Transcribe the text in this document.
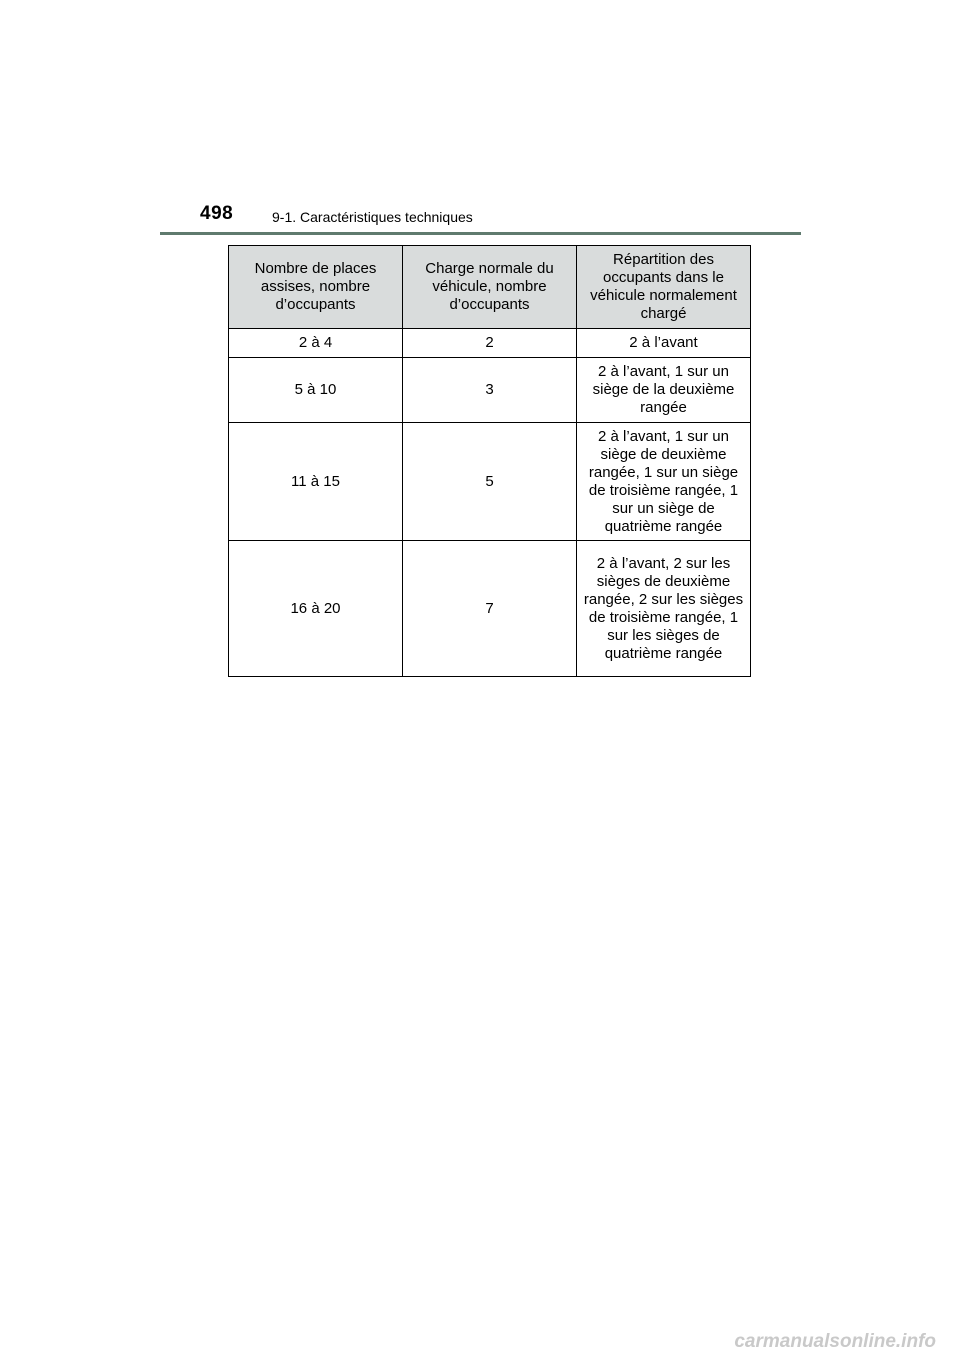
498	9-1. Caractéristiques techniques
Nombre de places assises, nombre d’occupants	Charge normale du véhicule, nombre d’occupants	Répartition des occupants dans le véhicule normalement chargé
2 à 4	2	2 à l’avant
5 à 10	3	2 à l’avant, 1 sur un siège de la deuxième rangée
11 à 15	5	2 à l’avant, 1 sur un siège de deuxième rangée, 1 sur un siège de troisième rangée, 1 sur un siège de quatrième rangée
16 à 20	7	2 à l’avant, 2 sur les sièges de deuxième rangée, 2 sur les sièges de troisième rangée, 1 sur les sièges de quatrième rangée
carmanualsonline.info
